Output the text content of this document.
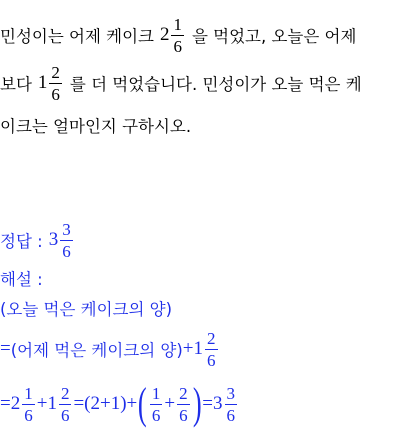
민성이는 어제 케이크 $2 \frac{1}{6}$ 을 먹었고, 오늘은 어제
보다 $1 \frac{2}{6}$ 를 더 먹었습니다. 민성이가 오늘 먹은 케
이크는 얼마인지 구하시오.
정답 : $3 \frac{3}{6}$
해설 :
(오늘 먹은 케이크의 양)
= (어제 먹은 케이크의 양) + $1 \frac{2}{6}$
= $2 \frac{1}{6} + 1 \frac{2}{6} = (2+1)$ + ( $\frac{1}{6} + \frac{2}{6}$ ) = $3 \frac{3}{6}$
